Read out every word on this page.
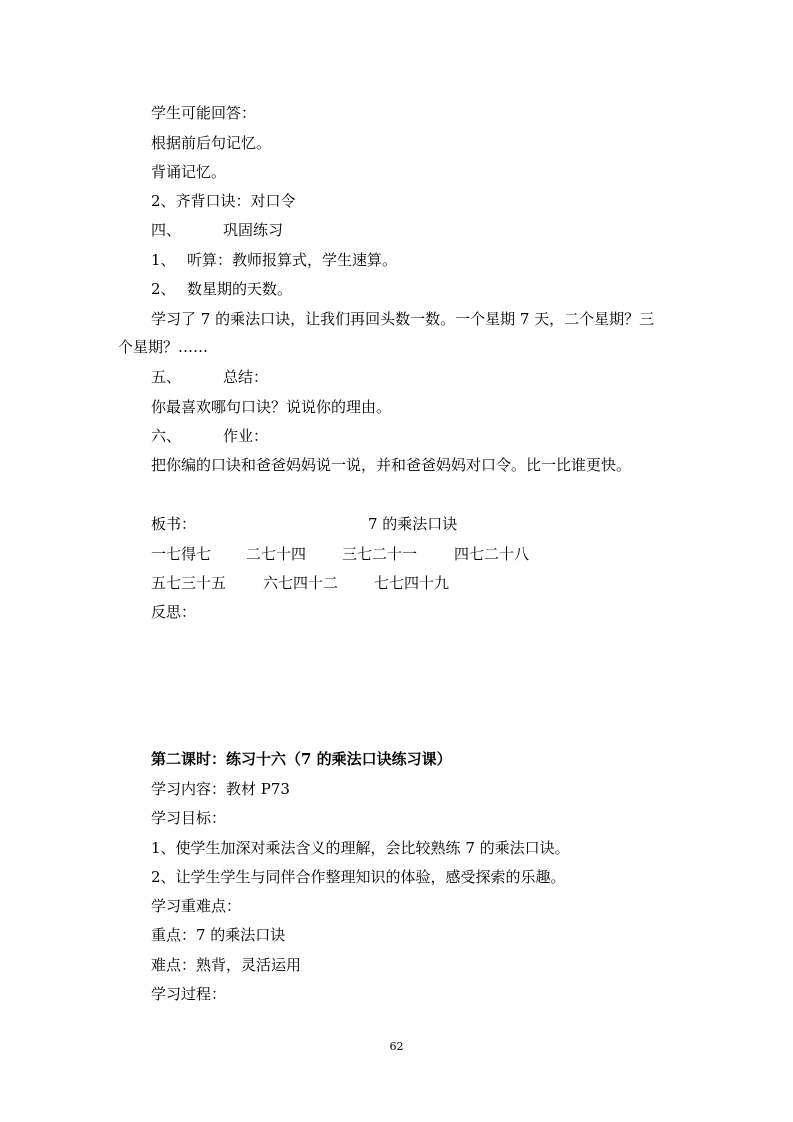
学生可能回答：
根据前后句记忆。
背诵记忆。
2、齐背口诀：对口令
四、	巩固练习
1、 听算：教师报算式，学生速算。
2、 数星期的天数。
学习了 7 的乘法口诀，让我们再回头数一数。一个星期 7 天，二个星期？三
个星期？……
五、	总结：
你最喜欢哪句口诀？说说你的理由。
六、	作业：
把你编的口诀和爸爸妈妈说一说，并和爸爸妈妈对口令。比一比谁更快。
板书：	7 的乘法口诀
一七得七 二七十四 三七二十一 四七二十八
五七三十五 六七四十二 七七四十九
反思：
第二课时：练习十六（7 的乘法口诀练习课）
学习内容：教材 P73
学习目标：
1、使学生加深对乘法含义的理解，会比较熟练 7 的乘法口诀。
2、让学生学生与同伴合作整理知识的体验，感受探索的乐趣。
学习重难点：
重点：7 的乘法口诀
难点：熟背，灵活运用
学习过程：
62
